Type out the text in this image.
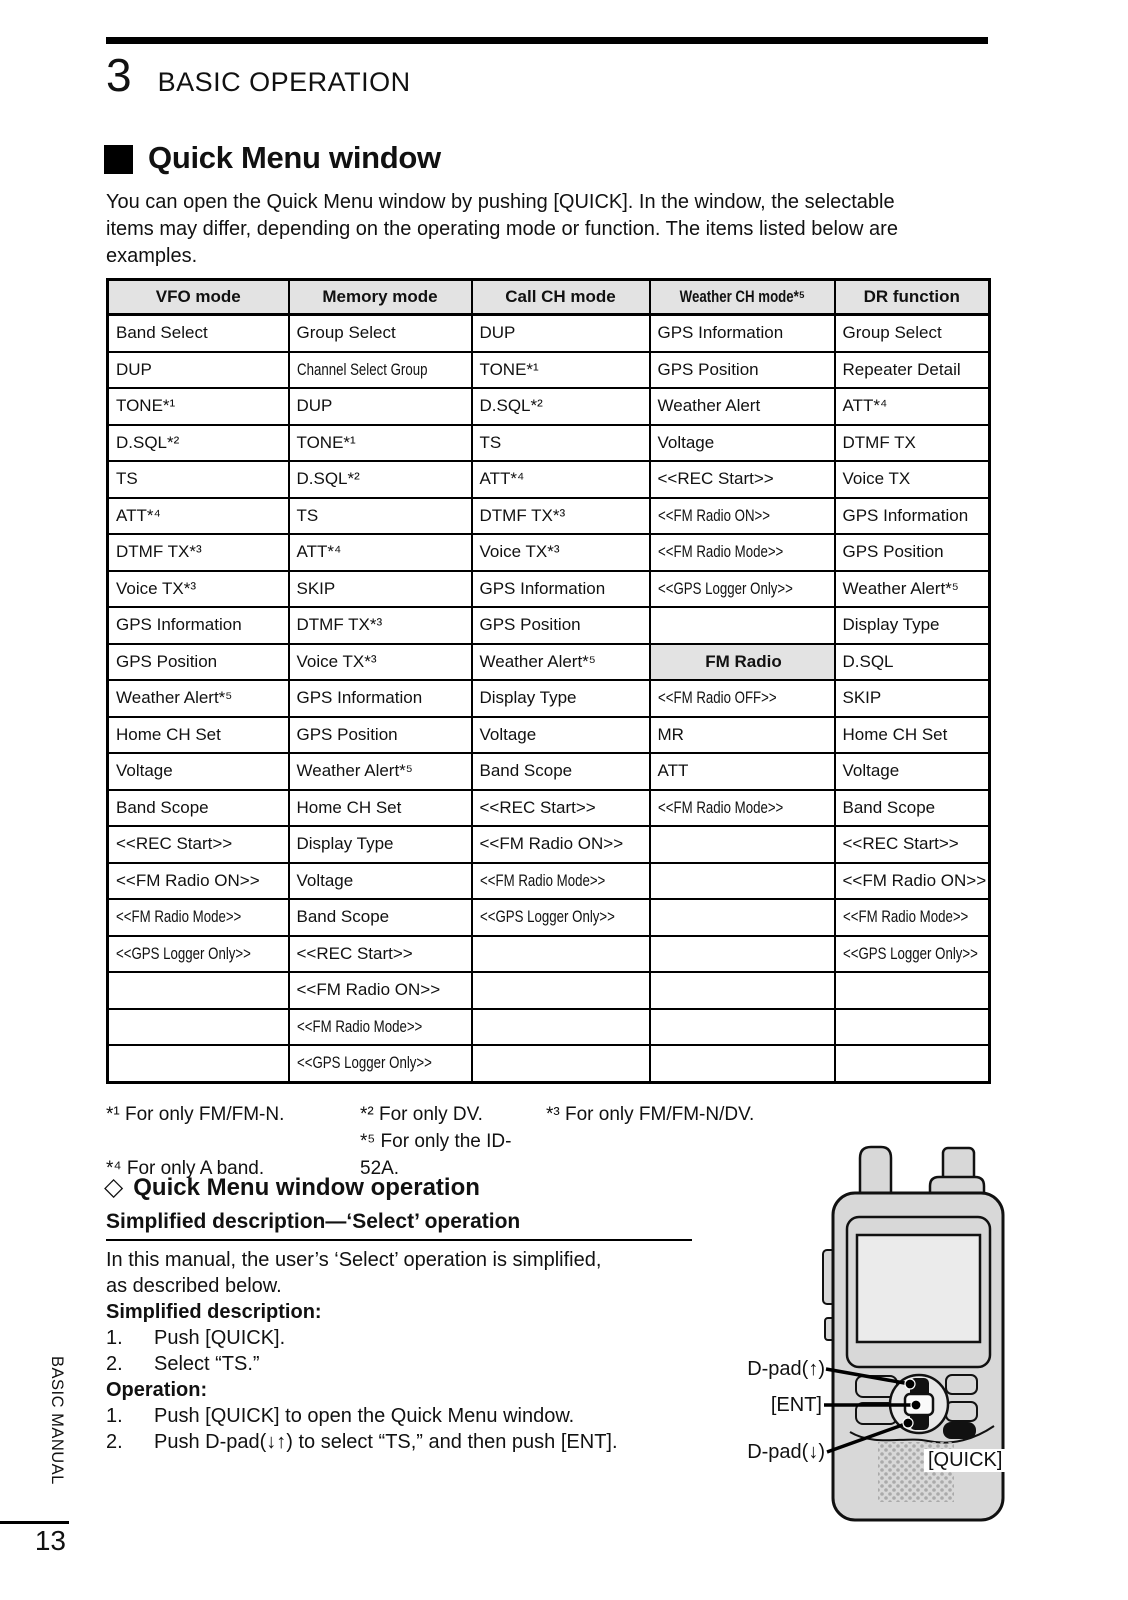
3 BASIC OPERATION
Quick Menu window
You can open the Quick Menu window by pushing [QUICK]. In the window, the selectable
items may differ, depending on the operating mode or function. The items listed below are
examples.
VFO mode	Memory mode	Call CH mode	Weather CH mode*⁵	DR function
Band Select	Group Select	DUP	GPS Information	Group Select
DUP	Channel Select Group	TONE*¹	GPS Position	Repeater Detail
TONE*¹	DUP	D.SQL*²	Weather Alert	ATT*⁴
D.SQL*²	TONE*¹	TS	Voltage	DTMF TX
TS	D.SQL*²	ATT*⁴	<<REC Start>>	Voice TX
ATT*⁴	TS	DTMF TX*³	<<FM Radio ON>>	GPS Information
DTMF TX*³	ATT*⁴	Voice TX*³	<<FM Radio Mode>>	GPS Position
Voice TX*³	SKIP	GPS Information	<<GPS Logger Only>>	Weather Alert*⁵
GPS Information	DTMF TX*³	GPS Position		Display Type
GPS Position	Voice TX*³	Weather Alert*⁵	FM Radio	D.SQL
Weather Alert*⁵	GPS Information	Display Type	<<FM Radio OFF>>	SKIP
Home CH Set	GPS Position	Voltage	MR	Home CH Set
Voltage	Weather Alert*⁵	Band Scope	ATT	Voltage
Band Scope	Home CH Set	<<REC Start>>	<<FM Radio Mode>>	Band Scope
<<REC Start>>	Display Type	<<FM Radio ON>>		<<REC Start>>
<<FM Radio ON>>	Voltage	<<FM Radio Mode>>		<<FM Radio ON>>
<<FM Radio Mode>>	Band Scope	<<GPS Logger Only>>		<<FM Radio Mode>>
<<GPS Logger Only>>	<<REC Start>>			<<GPS Logger Only>>
	<<FM Radio ON>>			
	<<FM Radio Mode>>			
	<<GPS Logger Only>>			
*¹ For only FM/FM-N.	*² For only DV.	*³ For only FM/FM-N/DV.
*⁴ For only A band.*⁵ For only the ID-52A.
◇ Quick Menu window operation
Simplified description—‘Select’ operation
In this manual, the user’s ‘Select’ operation is simplified,
as described below.
Simplified description:
1. Push [QUICK].
2. Select “TS.”
Operation:
1. Push [QUICK] to open the Quick Menu window.
2. Push D-pad(↓↑) to select “TS,” and then push [ENT].
BASIC MANUAL
13
D-pad(↑)
[ENT]
D-pad(↓)	[QUICK]
